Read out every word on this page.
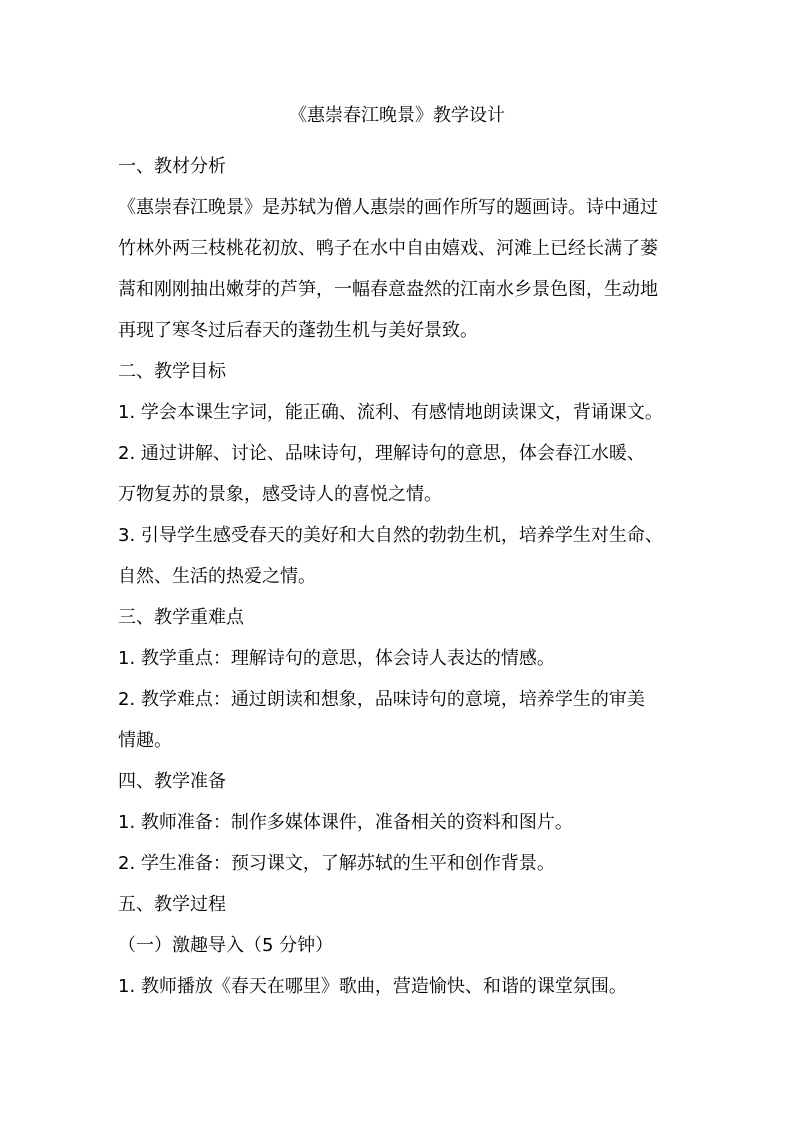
《惠崇春江晚景》教学设计
一、教材分析
《惠崇春江晚景》是苏轼为僧人惠崇的画作所写的题画诗。诗中通过
竹林外两三枝桃花初放、鸭子在水中自由嬉戏、河滩上已经长满了蒌
蒿和刚刚抽出嫩芽的芦笋，一幅春意盎然的江南水乡景色图，生动地
再现了寒冬过后春天的蓬勃生机与美好景致。
二、教学目标
1. 学会本课生字词，能正确、流利、有感情地朗读课文，背诵课文。
2. 通过讲解、讨论、品味诗句，理解诗句的意思，体会春江水暖、
万物复苏的景象，感受诗人的喜悦之情。
3. 引导学生感受春天的美好和大自然的勃勃生机，培养学生对生命、
自然、生活的热爱之情。
三、教学重难点
1. 教学重点：理解诗句的意思，体会诗人表达的情感。
2. 教学难点：通过朗读和想象，品味诗句的意境，培养学生的审美
情趣。
四、教学准备
1. 教师准备：制作多媒体课件，准备相关的资料和图片。
2. 学生准备：预习课文，了解苏轼的生平和创作背景。
五、教学过程
（一）激趣导入（5 分钟）
1. 教师播放《春天在哪里》歌曲，营造愉快、和谐的课堂氛围。
